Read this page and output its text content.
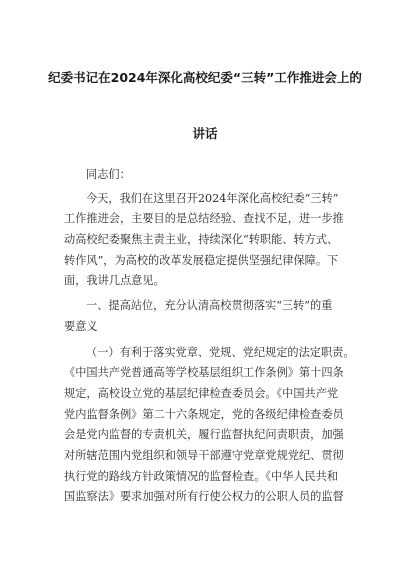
纪委书记在2024年深化高校纪委“三转”工作推进会上的
讲话
同志们：
今天，我们在这里召开2024年深化高校纪委“三转”
工作推进会，主要目的是总结经验、查找不足，进一步推
动高校纪委聚焦主责主业，持续深化“转职能、转方式、
转作风”，为高校的改革发展稳定提供坚强纪律保障。下
面，我讲几点意见。
一、提高站位，充分认清高校贯彻落实“三转”的重
要意义
（一）有利于落实党章、党规、党纪规定的法定职责。
《中国共产党普通高等学校基层组织工作条例》第十四条
规定，高校设立党的基层纪律检查委员会。《中国共产党
党内监督条例》第二十六条规定，党的各级纪律检查委员
会是党内监督的专责机关，履行监督执纪问责职责，加强
对所辖范围内党组织和领导干部遵守党章党规党纪、贯彻
执行党的路线方针政策情况的监督检查。《中华人民共和
国监察法》要求加强对所有行使公权力的公职人员的监督
